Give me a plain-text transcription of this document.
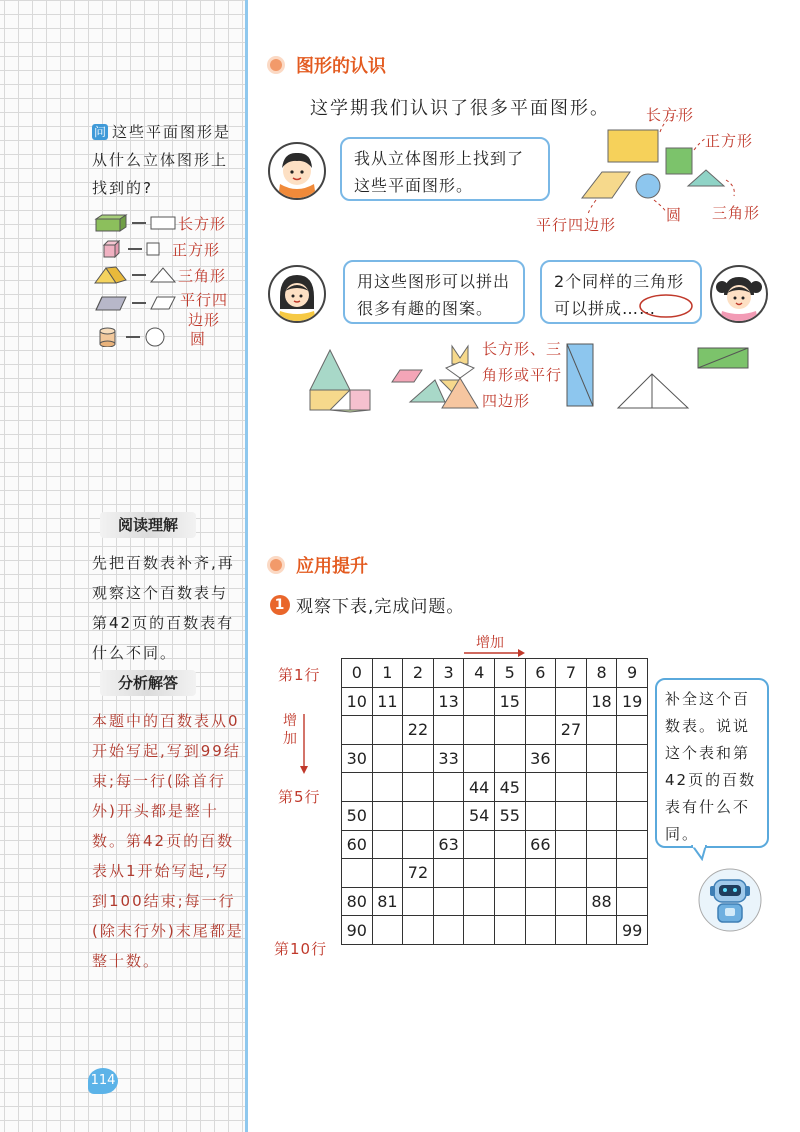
问 这些平面图形是从什么立体图形上找到的?
长方形
正方形
三角形
平行四边形
圆
阅读理解
先把百数表补齐,再观察这个百数表与第42页的百数表有什么不同。
分析解答
本题中的百数表从0开始写起,写到99结束;每一行(除首行外)开头都是整十数。第42页的百数表从1开始写起,写到100结束;每一行(除末行外)末尾都是整十数。
114
图形的认识
这学期我们认识了很多平面图形。
我从立体图形上找到了这些平面图形。
长方形
正方形
平行四边形
圆 三角形
用这些图形可以拼出很多有趣的图案。
2个同样的三角形可以拼成……
长方形、三角形或平行四边形
应用提升
1 观察下表,完成问题。
增加
增加
第1行
第5行
第10行
0	1	2	3	4	5	6	7	8	9
10	11		13		15			18	19
		22					27		
30			33			36			
				44	45				
50				54	55				
60			63			66			
		72							
80	81							88	
90									99
补全这个百数表。说说这个表和第42页的百数表有什么不同。
